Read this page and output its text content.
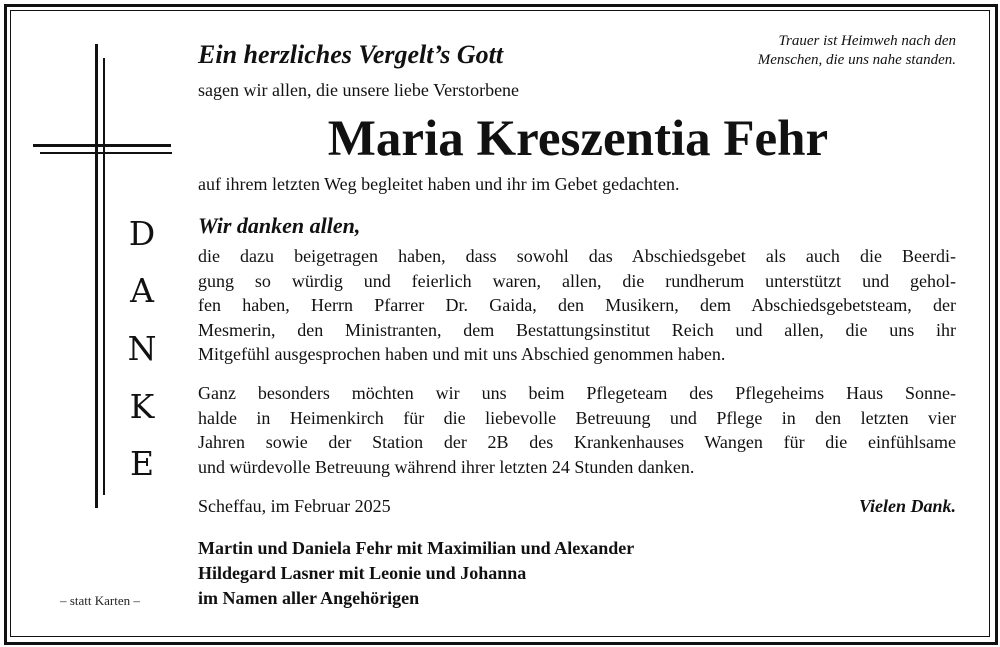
D
A
N
K
E
– statt Karten –
Trauer ist Heimweh nach den
Menschen, die uns nahe standen.
Ein herzliches Vergelt’s Gott
sagen wir allen, die unsere liebe Verstorbene
Maria Kreszentia Fehr
auf ihrem letzten Weg begleitet haben und ihr im Gebet gedachten.
Wir danken allen,
die dazu beigetragen haben, dass sowohl das Abschiedsgebet als auch die Beerdi-
gung so würdig und feierlich waren, allen, die rundherum unterstützt und gehol-
fen haben, Herrn Pfarrer Dr. Gaida, den Musikern, dem Abschiedsgebetsteam, der
Mesmerin, den Ministranten, dem Bestattungsinstitut Reich und allen, die uns ihr
Mitgefühl ausgesprochen haben und mit uns Abschied genommen haben.
Ganz besonders möchten wir uns beim Pflegeteam des Pflegeheims Haus Sonne-
halde in Heimenkirch für die liebevolle Betreuung und Pflege in den letzten vier
Jahren sowie der Station der 2B des Krankenhauses Wangen für die einfühlsame
und würdevolle Betreuung während ihrer letzten 24 Stunden danken.
Scheffau, im Februar 2025	Vielen Dank.
Martin und Daniela Fehr mit Maximilian und Alexander
Hildegard Lasner mit Leonie und Johanna
im Namen aller Angehörigen
